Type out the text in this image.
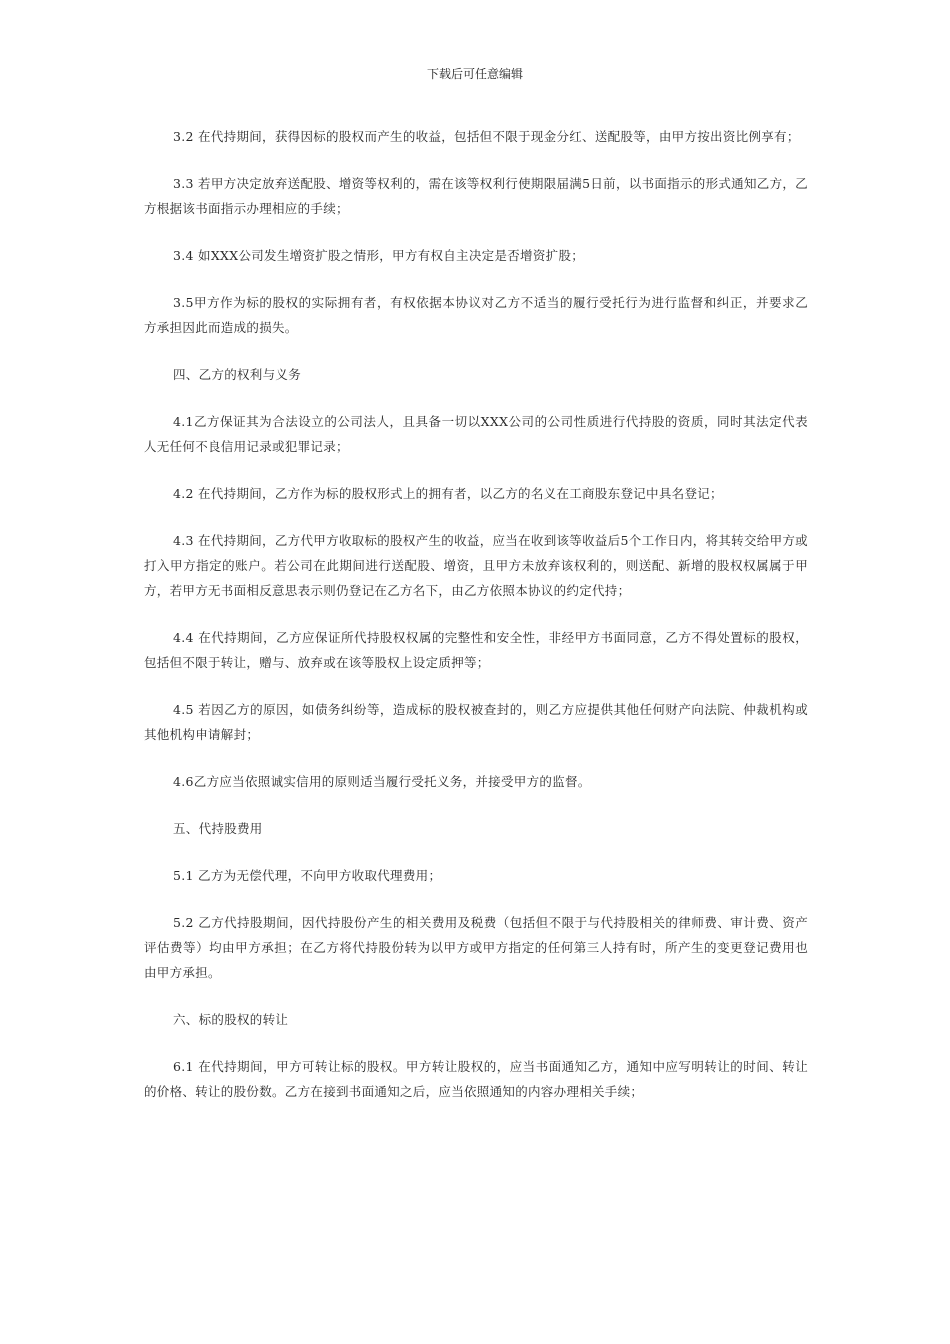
下载后可任意编辑

3.2 在代持期间，获得因标的股权而产生的收益，包括但不限于现金分红、送配股等，由甲方按出资比例享有；

3.3 若甲方决定放弃送配股、增资等权利的，需在该等权利行使期限届满5日前，以书面指示的形式通知乙方，乙方根据该书面指示办理相应的手续；

3.4 如XXX公司发生增资扩股之情形，甲方有权自主决定是否增资扩股；

3.5甲方作为标的股权的实际拥有者，有权依据本协议对乙方不适当的履行受托行为进行监督和纠正，并要求乙方承担因此而造成的损失。

四、乙方的权利与义务

4.1乙方保证其为合法设立的公司法人，且具备一切以XXX公司的公司性质进行代持股的资质，同时其法定代表人无任何不良信用记录或犯罪记录；

4.2 在代持期间，乙方作为标的股权形式上的拥有者，以乙方的名义在工商股东登记中具名登记；

4.3 在代持期间，乙方代甲方收取标的股权产生的收益，应当在收到该等收益后5个工作日内，将其转交给甲方或打入甲方指定的账户。若公司在此期间进行送配股、增资，且甲方未放弃该权利的，则送配、新增的股权权属属于甲方，若甲方无书面相反意思表示则仍登记在乙方名下，由乙方依照本协议的约定代持；

4.4 在代持期间，乙方应保证所代持股权权属的完整性和安全性，非经甲方书面同意，乙方不得处置标的股权，包括但不限于转让，赠与、放弃或在该等股权上设定质押等；

4.5 若因乙方的原因，如债务纠纷等，造成标的股权被查封的，则乙方应提供其他任何财产向法院、仲裁机构或其他机构申请解封；

4.6乙方应当依照诚实信用的原则适当履行受托义务，并接受甲方的监督。

五、代持股费用

5.1 乙方为无偿代理，不向甲方收取代理费用；

5.2 乙方代持股期间，因代持股份产生的相关费用及税费（包括但不限于与代持股相关的律师费、审计费、资产评估费等）均由甲方承担；在乙方将代持股份转为以甲方或甲方指定的任何第三人持有时，所产生的变更登记费用也由甲方承担。

六、标的股权的转让

6.1 在代持期间，甲方可转让标的股权。甲方转让股权的，应当书面通知乙方，通知中应写明转让的时间、转让的价格、转让的股份数。乙方在接到书面通知之后，应当依照通知的内容办理相关手续；
